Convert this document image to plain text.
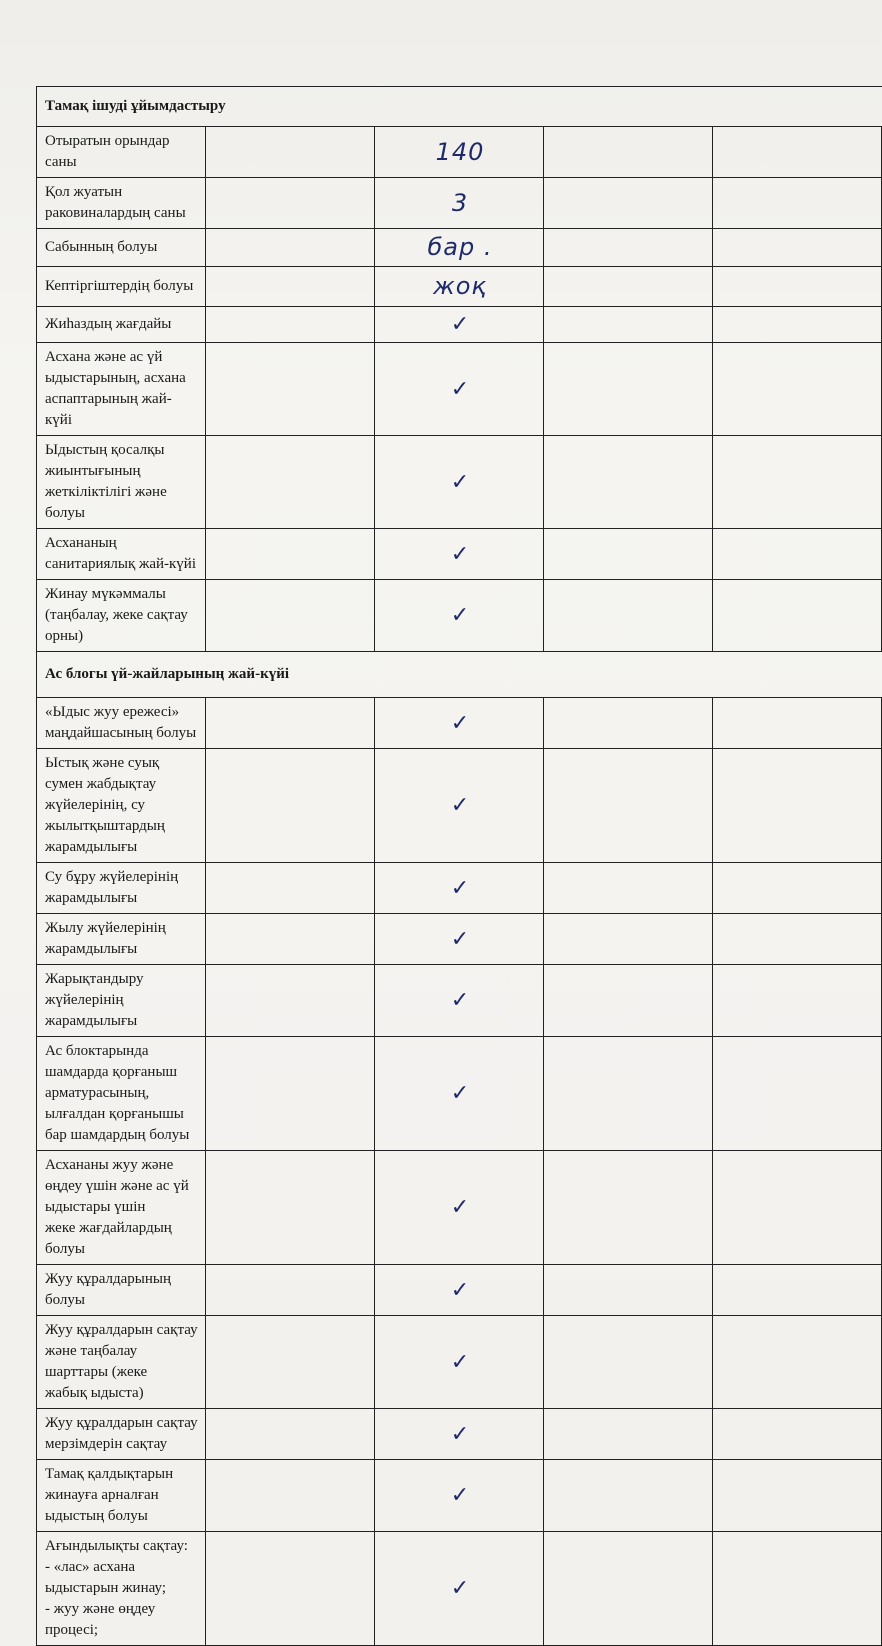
Тамақ ішуді ұйымдастыру				
Отыратын орындар саны		140		

Қол жуатын раковиналардың саны		3		

Сабынның болуы		бар .		

Кептіргіштердің болуы		жоқ		

Жиһаздың жағдайы		✓		

Асхана және ас үй ыдыстарының, асхана аспаптарының жай-
күйі		✓		

Ыдыстың қосалқы жиынтығының жеткіліктілігі және болуы		✓		

Асхананың санитариялық жай-күйі		✓		

Жинау мүкәммалы (таңбалау, жеке сақтау орны)		✓		

Ас блогы үй-жайларының жай-күйі				
«Ыдыс жуу ережесі» маңдайшасының болуы		✓		

Ыстық және суық сумен жабдықтау жүйелерінің, су
жылытқыштардың жарамдылығы		✓		

Су бұру жүйелерінің жарамдылығы		✓		

Жылу жүйелерінің жарамдылығы		✓		

Жарықтандыру жүйелерінің жарамдылығы		✓		

Ас блоктарында шамдарда қорғаныш арматурасының,
ылғалдан қорғанышы бар шамдардың болуы		✓		

Асхананы жуу және өңдеу үшін және ас үй ыдыстары үшін
жеке жағдайлардың болуы		✓		

Жуу құралдарының болуы		✓		

Жуу құралдарын сақтау және таңбалау шарттары (жеке
жабық ыдыста)		✓		

Жуу құралдарын сақтау мерзімдерін сақтау		✓		

Тамақ қалдықтарын жинауға арналған ыдыстың болуы		✓		

Ағындылықты сақтау:
- «лас» асхана ыдыстарын жинау;
- жуу және өңдеу процесі;		✓		
